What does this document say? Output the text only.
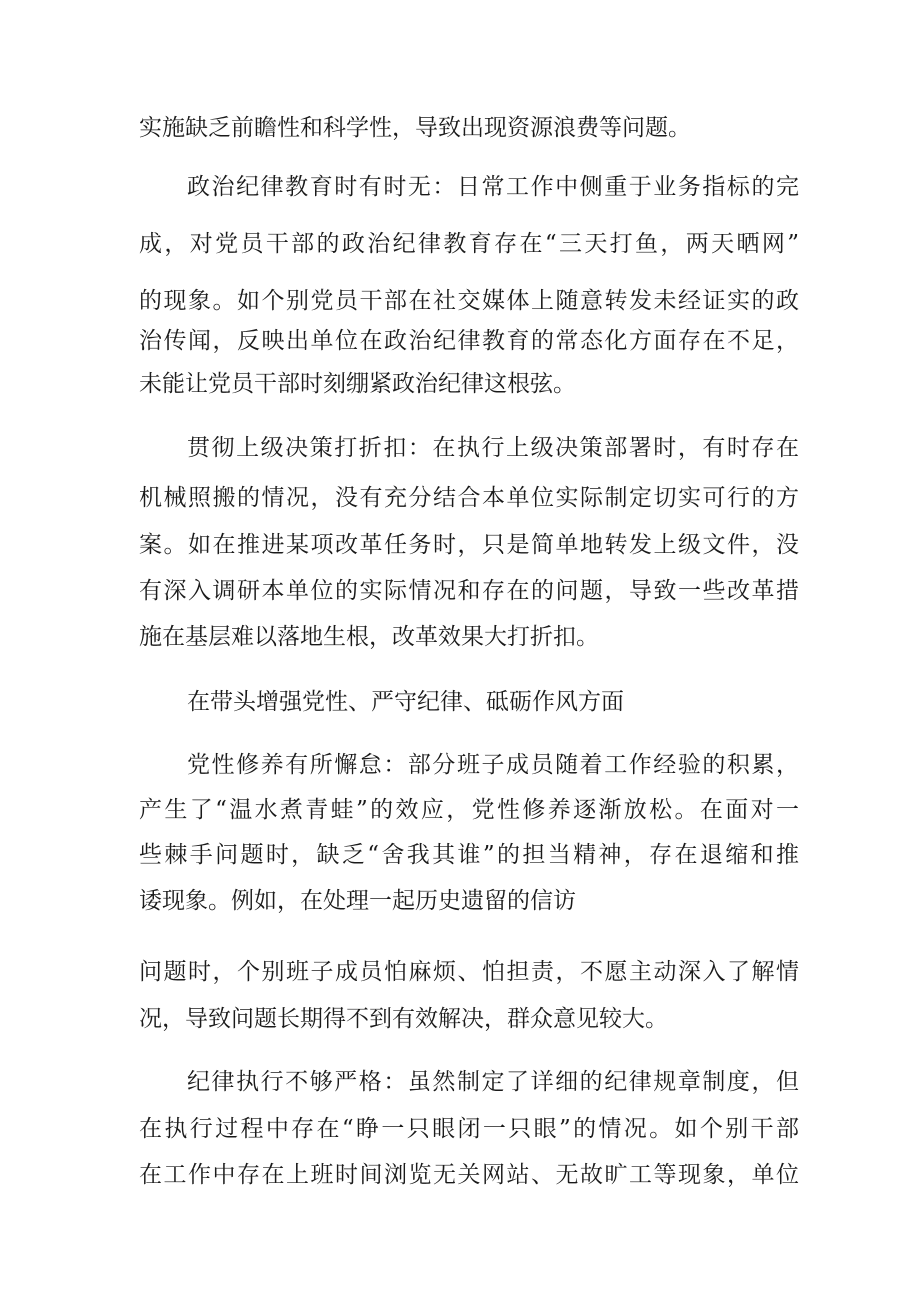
实施缺乏前瞻性和科学性，导致出现资源浪费等问题。
政治纪律教育时有时无：日常工作中侧重于业务指标的完
成，对党员干部的政治纪律教育存在“三天打鱼，两天晒网”
的现象。如个别党员干部在社交媒体上随意转发未经证实的政
治传闻，反映出单位在政治纪律教育的常态化方面存在不足，
未能让党员干部时刻绷紧政治纪律这根弦。
贯彻上级决策打折扣：在执行上级决策部署时，有时存在
机械照搬的情况，没有充分结合本单位实际制定切实可行的方
案。如在推进某项改革任务时，只是简单地转发上级文件，没
有深入调研本单位的实际情况和存在的问题，导致一些改革措
施在基层难以落地生根，改革效果大打折扣。
在带头增强党性、严守纪律、砥砺作风方面
党性修养有所懈怠：部分班子成员随着工作经验的积累，
产生了“温水煮青蛙”的效应，党性修养逐渐放松。在面对一
些棘手问题时，缺乏“舍我其谁”的担当精神，存在退缩和推
诿现象。例如，在处理一起历史遗留的信访
问题时，个别班子成员怕麻烦、怕担责，不愿主动深入了解情
况，导致问题长期得不到有效解决，群众意见较大。
纪律执行不够严格：虽然制定了详细的纪律规章制度，但
在执行过程中存在“睁一只眼闭一只眼”的情况。如个别干部
在工作中存在上班时间浏览无关网站、无故旷工等现象，单位
